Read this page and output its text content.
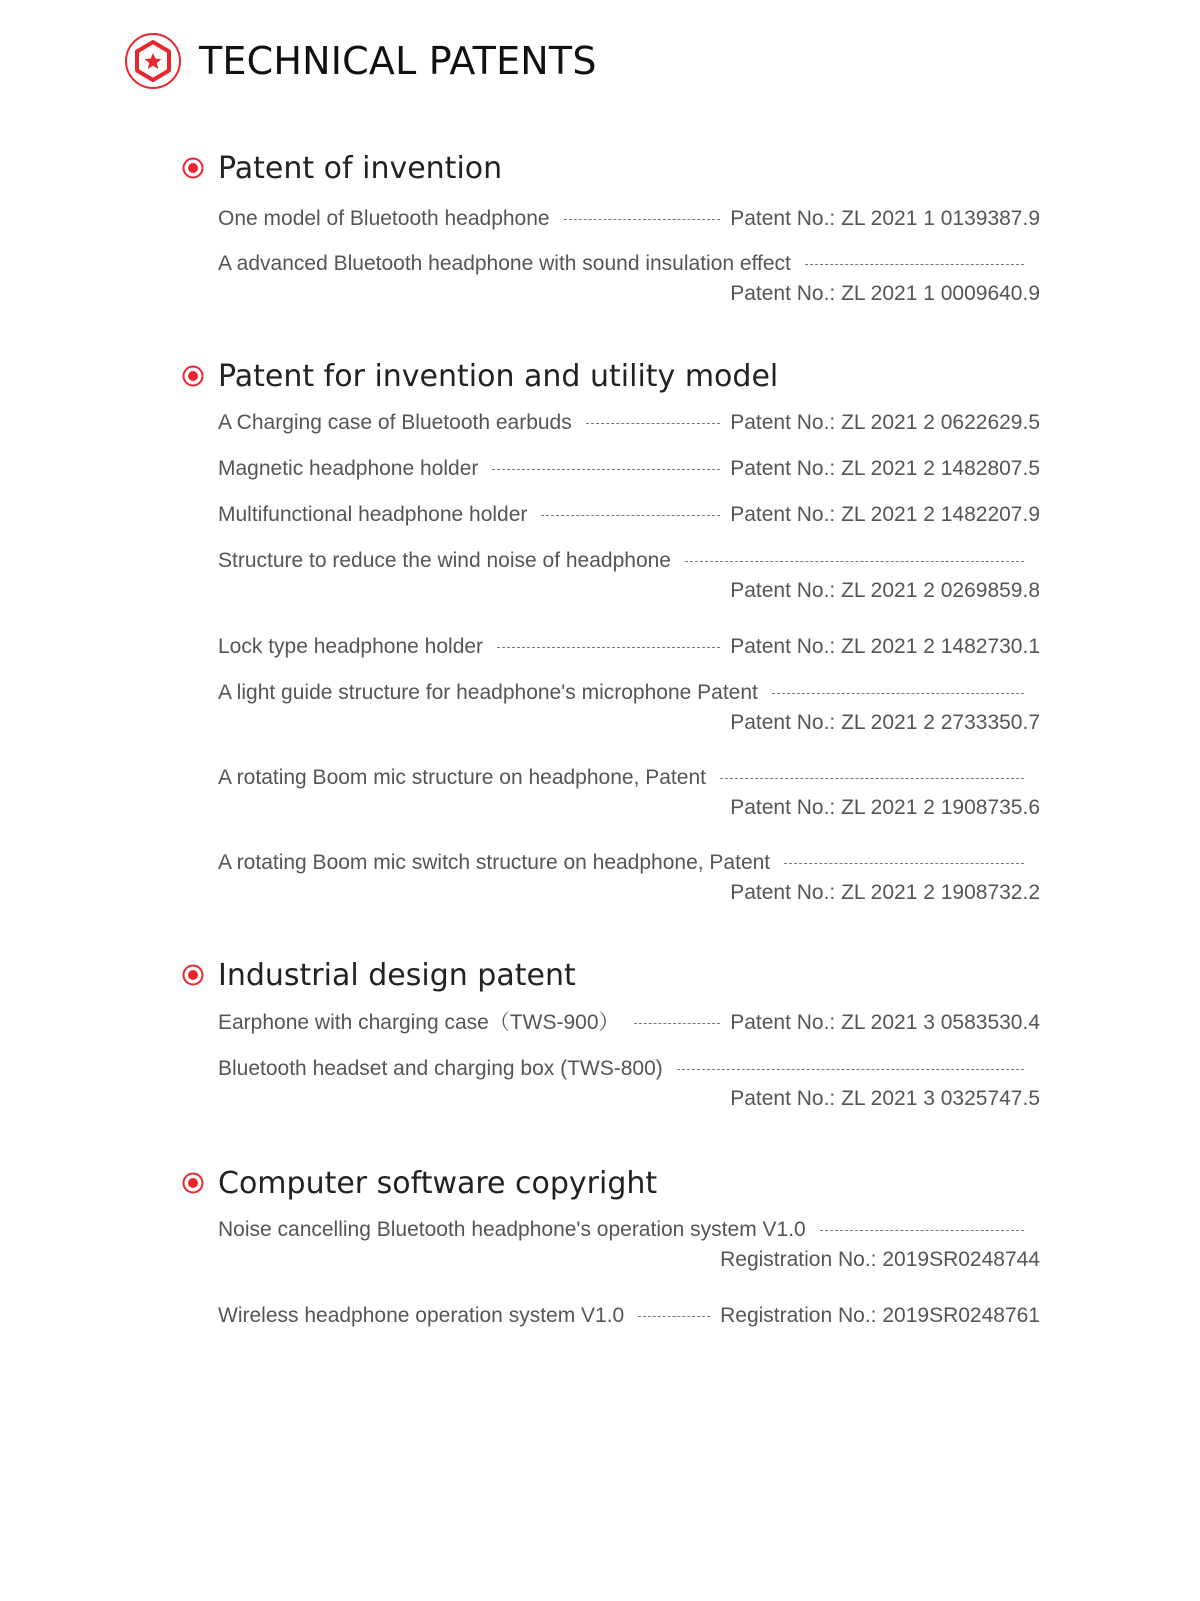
TECHNICAL PATENTS
Patent of invention
One model of Bluetooth headphone	Patent No.: ZL 2021 1 0139387.9
A advanced Bluetooth headphone with sound insulation effect
Patent No.: ZL 2021 1 0009640.9
Patent for invention and utility model
A Charging case of Bluetooth earbuds	Patent No.: ZL 2021 2 0622629.5
Magnetic headphone holder	Patent No.: ZL 2021 2 1482807.5
Multifunctional headphone holder	Patent No.: ZL 2021 2 1482207.9
Structure to reduce the wind noise of headphone
Patent No.: ZL 2021 2 0269859.8
Lock type headphone holder	Patent No.: ZL 2021 2 1482730.1
A light guide structure for headphone's microphone Patent
Patent No.: ZL 2021 2 2733350.7
A rotating Boom mic structure on headphone, Patent
Patent No.: ZL 2021 2 1908735.6
A rotating Boom mic switch structure on headphone, Patent
Patent No.: ZL 2021 2 1908732.2
Industrial design patent
Earphone with charging case（TWS-900）	Patent No.: ZL 2021 3 0583530.4
Bluetooth headset and charging box (TWS-800)
Patent No.: ZL 2021 3 0325747.5
Computer software copyright
Noise cancelling Bluetooth headphone's operation system V1.0
Registration No.: 2019SR0248744
Wireless headphone operation system V1.0	Registration No.: 2019SR0248761
